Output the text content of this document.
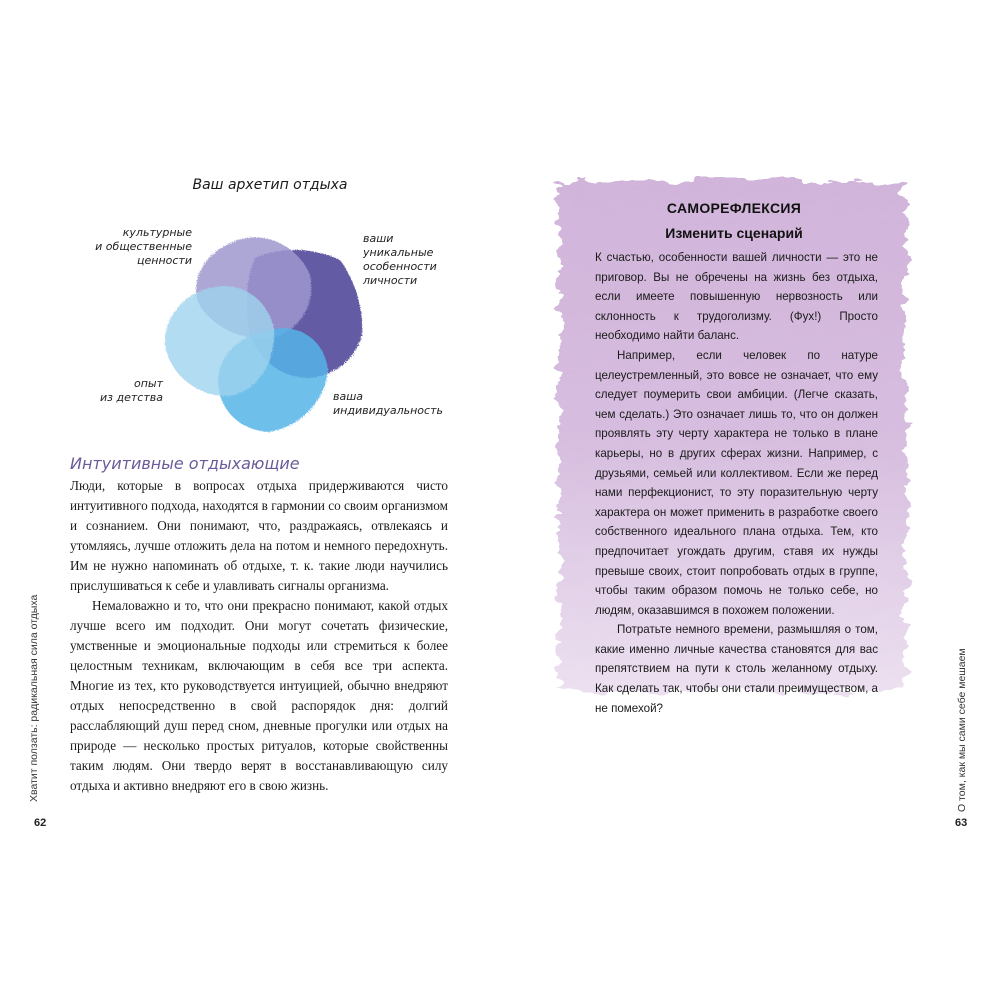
Ваш архетип отдыха
культурные
и общественные
ценности
ваши
уникальные
особенности
личности
опыт
из детства	ваша
индивидуальность
Интуитивные отдыхающие

Люди, которые в вопросах отдыха придерживаются чисто интуитивного подхода, находятся в гармонии со своим организмом и сознанием. Они понимают, что, раздражаясь, отвлекаясь и утомляясь, лучше отложить дела на потом и немного передохнуть. Им не нужно напоминать об отдыхе, т. к. такие люди научились прислушиваться к себе и улавливать сигналы организма.

Немаловажно и то, что они прекрасно понимают, какой отдых лучше всего им подходит. Они могут сочетать физические, умственные и эмоциональные подходы или стремиться к более целостным техникам, включающим в себя все три аспекта. Многие из тех, кто руководствуется интуицией, обычно внедряют отдых непосредственно в свой распорядок дня: долгий расслабляющий душ перед сном, дневные прогулки или отдых на природе — несколько простых ритуалов, которые свойственны таким людям. Они твердо верят в восстанавливающую силу отдыха и активно внедряют его в свою жизнь.

Хватит ползать: радикальная сила отдыха
62
САМОРЕФЛЕКСИЯ
Изменить сценарий

К счастью, особенности вашей личности — это не приговор. Вы не обречены на жизнь без отдыха, если имеете повышенную нервозность или склонность к трудоголизму. (Фух!) Просто необходимо найти баланс.

Например, если человек по натуре целеустремленный, это вовсе не означает, что ему следует поумерить свои амбиции. (Легче сказать, чем сделать.) Это означает лишь то, что он должен проявлять эту черту характера не только в плане карьеры, но в других сферах жизни. Например, с друзьями, семьей или коллективом. Если же перед нами перфекционист, то эту поразительную черту характера он может применить в разработке своего собственного идеального плана отдыха. Тем, кто предпочитает угождать другим, ставя их нужды превыше своих, стоит попробовать отдых в группе, чтобы таким образом помочь не только себе, но людям, оказавшимся в похожем положении.

Потратьте немного времени, размышляя о том, какие именно личные качества становятся для вас препятствием на пути к столь желанному отдыху. Как сделать так, чтобы они стали преимуществом, а не помехой?	О том, как мы сами себе мешаем
63
